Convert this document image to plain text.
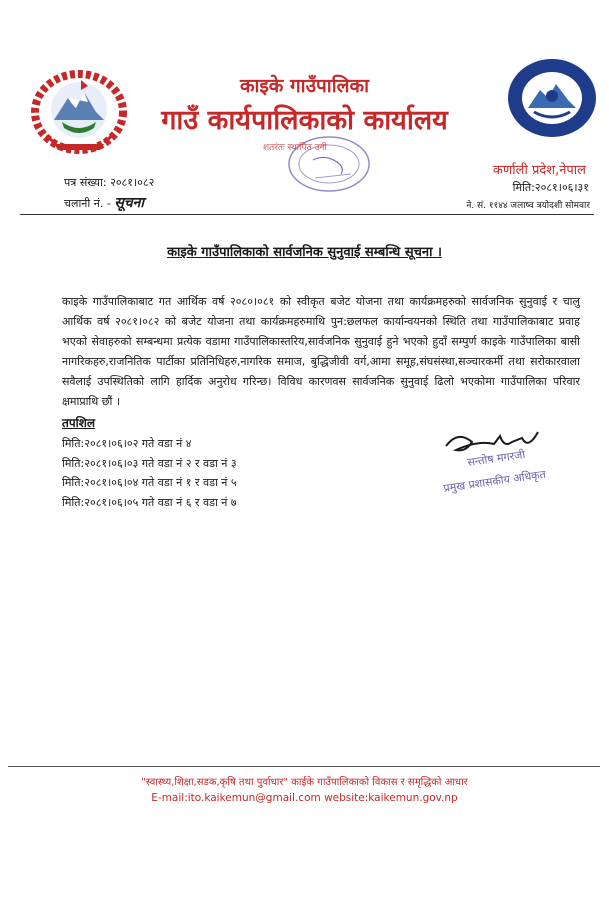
काइके गाउँपालिका
गाउँ कार्यपालिकाको कार्यालय
शतरंतः स्थापित उनी
कर्णाली प्रदेश,नेपाल
मिति:२०८१।०६।३१
पत्र संख्या: २०८१।०८२
चलानी नं. - सूचना	ने. सं. ११४४ जलाष्व त्रयोदशी सोमवार
काइके गाउँपालिकाको सार्वजनिक सुनुवाई सम्बन्धि सूचना ।
काइके गाउँपालिकाबाट गत आर्थिक वर्ष २०८०।०८१ को स्वीकृत बजेट योजना तथा कार्यक्रमहरुको सार्वजनिक सुनुवाई र चालु आर्थिक वर्ष २०८१।०८२ को बजेट योजना तथा कार्यक्रमहरुमाथि पुन:छलफल कार्यान्वयनको स्थिति तथा गाउँपालिकाबाट प्रवाह भएको सेवाहरुको सम्बन्धमा प्रत्येक वडामा गाउँपालिकास्तरिय,सार्वजनिक सुनुवाई हुने भएको हुदाँ सम्पुर्ण काइके गाउँपालिका बासी नागरिकहरु,राजनितिक पार्टीका प्रतिनिधिहरु,नागरिक समाज, बुद्धिजीवी वर्ग,आमा समूह,संघसंस्था,सञ्चारकर्मी तथा सरोकारवाला सवैलाई उपस्थितिको लागि हार्दिक अनुरोध गरिन्छ। विविध कारणवस सार्वजनिक सुनुवाई ढिलो भएकोमा गाउँपालिका परिवार क्षमाप्राथि छौं ।
तपशिल
मिति:२०८१।०६।०२ गते वडा नं ४
मिति:२०८१।०६।०३ गते वडा नं २ र वडा नं ३
मिति:२०८१।०६।०४ गते वडा नं १ र वडा नं ५
मिति:२०८१।०६।०५ गते वडा नं ६ र वडा नं ७
सन्तोष मगरजी
प्रमुख प्रशासकीय अधिकृत
"स्वास्थ्य,शिक्षा,सडक,कृषि तथा पुर्वाधार" काईके गाउँपालिकाको विकास र समृद्धिको आधार
E-mail:ito.kaikemun@gmail.com website:kaikemun.gov.np
